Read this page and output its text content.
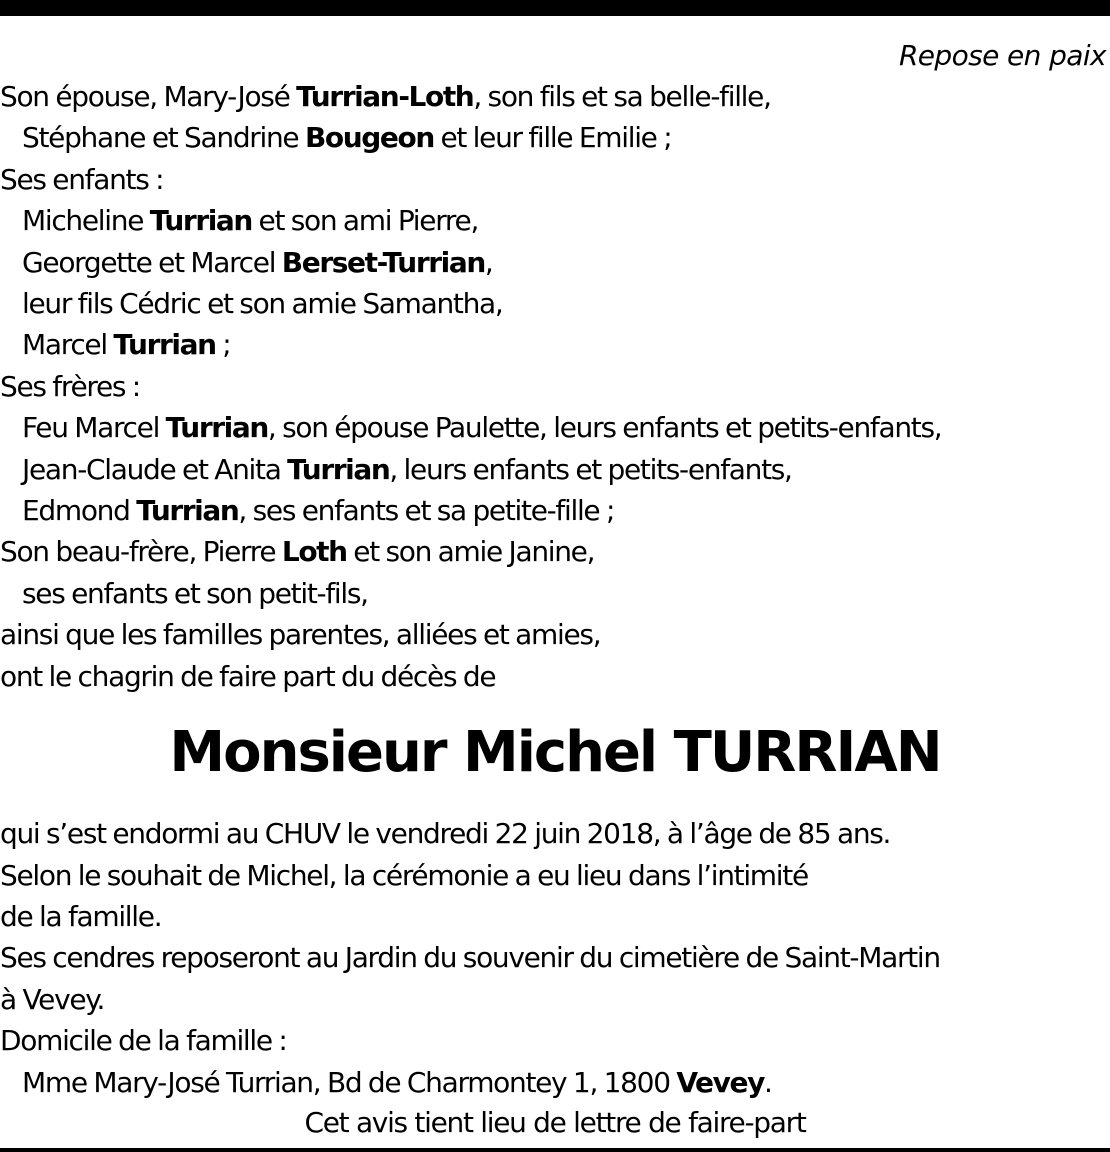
Repose en paix
Son épouse, Mary-José Turrian-Loth, son fils et sa belle-fille,
Stéphane et Sandrine Bougeon et leur fille Emilie ;
Ses enfants :
Micheline Turrian et son ami Pierre,
Georgette et Marcel Berset-Turrian,
leur fils Cédric et son amie Samantha,
Marcel Turrian ;
Ses frères :
Feu Marcel Turrian, son épouse Paulette, leurs enfants et petits-enfants,
Jean-Claude et Anita Turrian, leurs enfants et petits-enfants,
Edmond Turrian, ses enfants et sa petite-fille ;
Son beau-frère, Pierre Loth et son amie Janine,
ses enfants et son petit-fils,
ainsi que les familles parentes, alliées et amies,
ont le chagrin de faire part du décès de
Monsieur Michel TURRIAN
qui s’est endormi au CHUV le vendredi 22 juin 2018, à l’âge de 85 ans.
Selon le souhait de Michel, la cérémonie a eu lieu dans l’intimité
de la famille.
Ses cendres reposeront au Jardin du souvenir du cimetière de Saint-Martin
à Vevey.
Domicile de la famille :
Mme Mary-José Turrian, Bd de Charmontey 1, 1800 Vevey.
Cet avis tient lieu de lettre de faire-part
